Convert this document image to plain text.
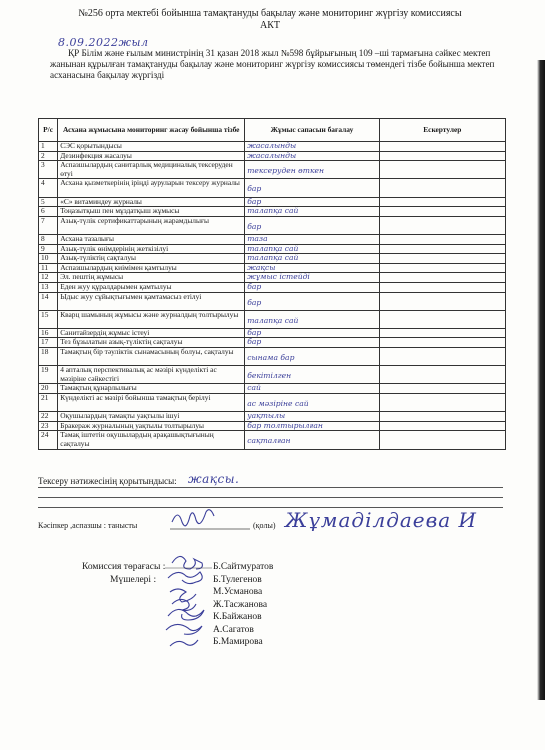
№256 орта мектебі бойынша тамақтануды бақылау және мониторинг жүргізу комиссиясы
АКТ
8.09.2022жыл

ҚР Білім және ғылым министрінің 31 қазан 2018 жыл №598 бұйрығының 109 –ші тармағына сәйкес мектеп жанынан құрылған тамақтануды бақылау және мониторинг жүргізу комиссиясы төмендегі тізбе бойынша мектеп асханасына бақылау жүргізді

Р/с	Асхана жұмысына мониторинг жасау бойынша тізбе	Жұмыс сапасын бағалау	Ескертулер
1	СЭС қорытындысы	жасалынды	

2	Дезинфекция жасалуы	жасалынды	

3	Аспазшылардың санитарлық медициналық тексеруден өтуі	тексеруден өткен	

4	Асхана қызметкерінің іріңді ауруларын тексеру журналы	бар	

5	«С» витаминдеу журналы	бар	

6	Тоңазытқыш пен мұздатқыш жұмысы	талапқа сай	

7	Азық-түлік сертификаттарының жарамдылығы	бар	

8	Асхана тазалығы	таза	

9	Азық-түлік өнімдерінің жеткізілуі	талапқа сай	

10	Азық-түліктің сақталуы	талапқа сай	

11	Аспазшылардың киімімен қамтылуы	жақсы	

12	Эл. пештің жұмысы	жұмыс істейді	

13	Еден жуу құралдарымен қамтылуы	бар	

14	Ыдыс жуу сұйықтығымен қамтамасыз етілуі	бар	

15	Кварц шамының жұмысы және журналдың толтырылуы	талапқа сай	

16	Санитайзердің жұмыс істеуі	бар	

17	Тез бұзылатын азық-түліктің сақталуы	бар	

18	Тамақтың бір тәуліктік сынамасының болуы, сақталуы	сынама бар	

19	4 апталық перспективалық ас мәзірі күнделікті ас мәзіріне сәйкестігі	бекітілген	

20	Тамақтың құнарлылығы	сай	

21	Күнделікті ас мәзірі бойынша тамақтың берілуі	ас мәзіріне сай	

22	Оқушылардың тамақты уақтылы ішуі	уақтылы	

23	Бракераж журналының уақтылы толтырылуы	бар толтырылған	

24	Тамақ іштетін оқушылардың арақашықтығының сақталуы	сақталған	

Тексеру нәтижесінің қорытындысы: жақсы.
Кәсіпкер ,аспазшы : танысты	(қолы) Жұмаділдаева И
Комиссия төрағасы :
Мүшелері :
Б.Сайтмуратов
Б.Тулегенов
М.Усманова
Ж.Тасжанова
К.Байжанов
А.Сагатов
Б.Мамирова
